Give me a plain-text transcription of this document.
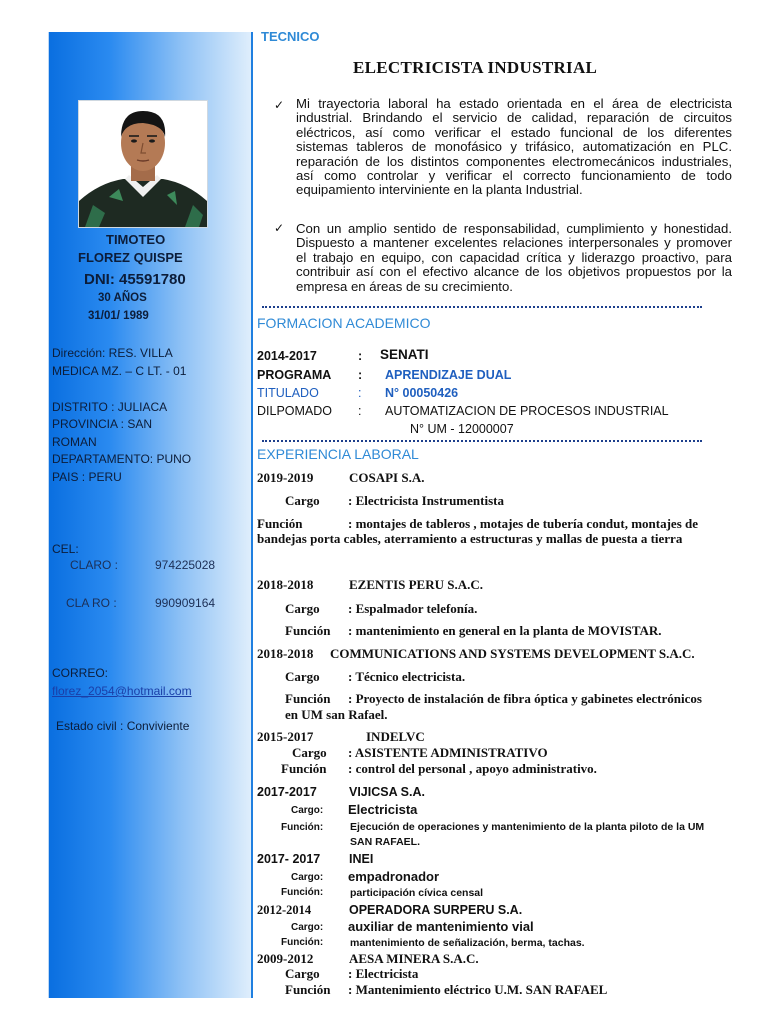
TIMOTEO
FLOREZ QUISPE
DNI: 45591780
30 AÑOS
31/01/ 1989
Dirección: RES. VILLA
MEDICA MZ. – C LT. - 01
DISTRITO : JULIACA
PROVINCIA : SAN
ROMAN
DEPARTAMENTO: PUNO
PAIS : PERU
CEL:
CLARO :	974225028
CLA RO :	990909164
CORREO:
florez_2054@hotmail.com
Estado civil : Conviviente
TECNICO
ELECTRICISTA INDUSTRIAL
✓ Mi trayectoria laboral ha estado orientada en el área de electricista industrial. Brindando el servicio de calidad, reparación de circuitos eléctricos, así como verificar el estado funcional de los diferentes sistemas tableros de monofásico y trifásico, automatización en PLC. reparación de los distintos componentes electromecánicos industriales, así como controlar y verificar el correcto funcionamiento de todo equipamiento interviniente en la planta Industrial.
✓ Con un amplio sentido de responsabilidad, cumplimiento y honestidad. Dispuesto a mantener excelentes relaciones interpersonales y promover el trabajo en equipo, con capacidad crítica y liderazgo proactivo, para contribuir así con el efectivo alcance de los objetivos propuestos por la empresa en áreas de su crecimiento.
FORMACION ACADEMICO
2014-2017	: SENATI
PROGRAMA : APRENDIZAJE DUAL
TITULADO	: N° 00050426
DILPOMADO : AUTOMATIZACION DE PROCESOS INDUSTRIAL
N° UM - 12000007
EXPERIENCIA LABORAL
2019-2019	COSAPI S.A.
Cargo : Electricista Instrumentista
Función	: montajes de tableros , motajes de tubería condut, montajes de
bandejas porta cables, aterramiento a estructuras y mallas de puesta a tierra
2018-2018	EZENTIS PERU S.A.C.
Cargo : Espalmador telefonía.
Función : mantenimiento en general en la planta de MOVISTAR.
2018-2018 COMMUNICATIONS AND SYSTEMS DEVELOPMENT S.A.C.
Cargo : Técnico electricista.
Función : Proyecto de instalación de fibra óptica y gabinetes electrónicos
en UM san Rafael.
2015-2017	INDELVC
Cargo : ASISTENTE ADMINISTRATIVO
Función : control del personal , apoyo administrativo.
2017-2017	VIJICSA S.A.
Cargo: Electricista
Función:	Ejecución de operaciones y mantenimiento de la planta piloto de la UM
SAN RAFAEL.
2017- 2017 INEI
Cargo: empadronador
Función:	participación cívica censal
2012-2014	OPERADORA SURPERU S.A.
Cargo: auxiliar de mantenimiento vial
Función:	mantenimiento de señalización, berma, tachas.
2009-2012	AESA MINERA S.A.C.
Cargo : Electricista
Función : Mantenimiento eléctrico U.M. SAN RAFAEL
